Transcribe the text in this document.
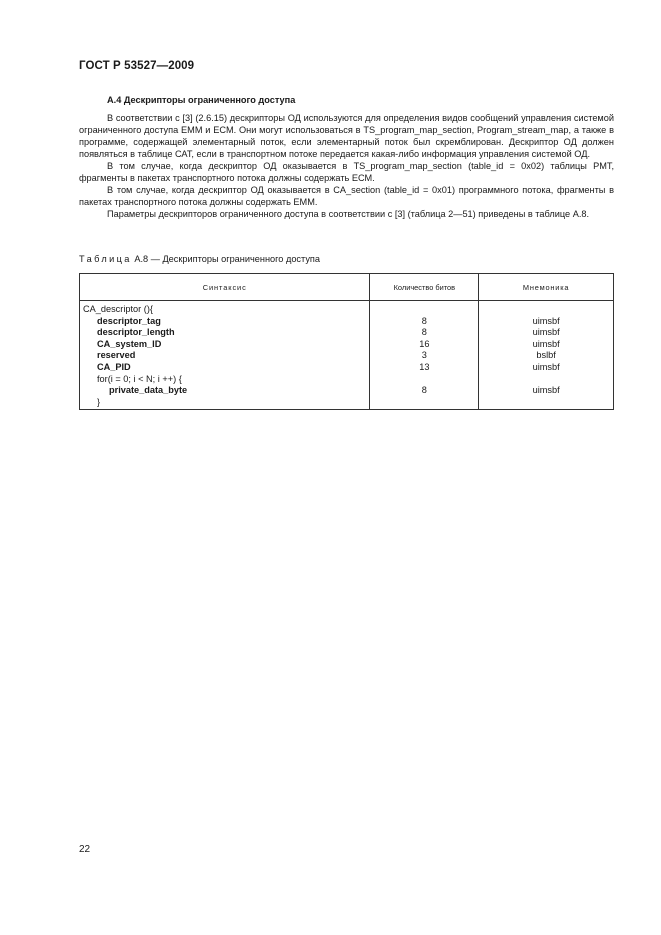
ГОСТ Р 53527—2009
А.4 Дескрипторы ограниченного доступа

В соответствии с [3] (2.6.15) дескрипторы ОД используются для определения видов сообщений управления системой ограниченного доступа ЕММ и ЕСМ. Они могут использоваться в TS_program_map_section, Program_stream_map, а также в программе, содержащей элементарный поток, если элементарный поток был скремблирован. Дескриптор ОД должен появляться в таблице САТ, если в транспортном потоке передается какая-либо информация управления системой ОД.

В том случае, когда дескриптор ОД оказывается в TS_program_map_section (table_id = 0x02) таблицы PMT, фрагменты в пакетах транспортного потока должны содержать ЕСМ.

В том случае, когда дескриптор ОД оказывается в CA_section (table_id = 0x01) программного потока, фрагменты в пакетах транспортного потока должны содержать ЕММ.

Параметры дескрипторов ограниченного доступа в соответствии с [3] (таблица 2—51) приведены в таблице А.8.

Таблица А.8 — Дескрипторы ограниченного доступа
Синтаксис	Количество битов	Мнемоника
CA_descriptor (){		
descriptor_tag	8	uimsbf
descriptor_length	8	uimsbf
CA_system_ID	16	uimsbf
reserved	3	bslbf
CA_PID	13	uimsbf
for(i = 0; i < N; i ++) {		
private_data_byte	8	uimsbf
}		
22
